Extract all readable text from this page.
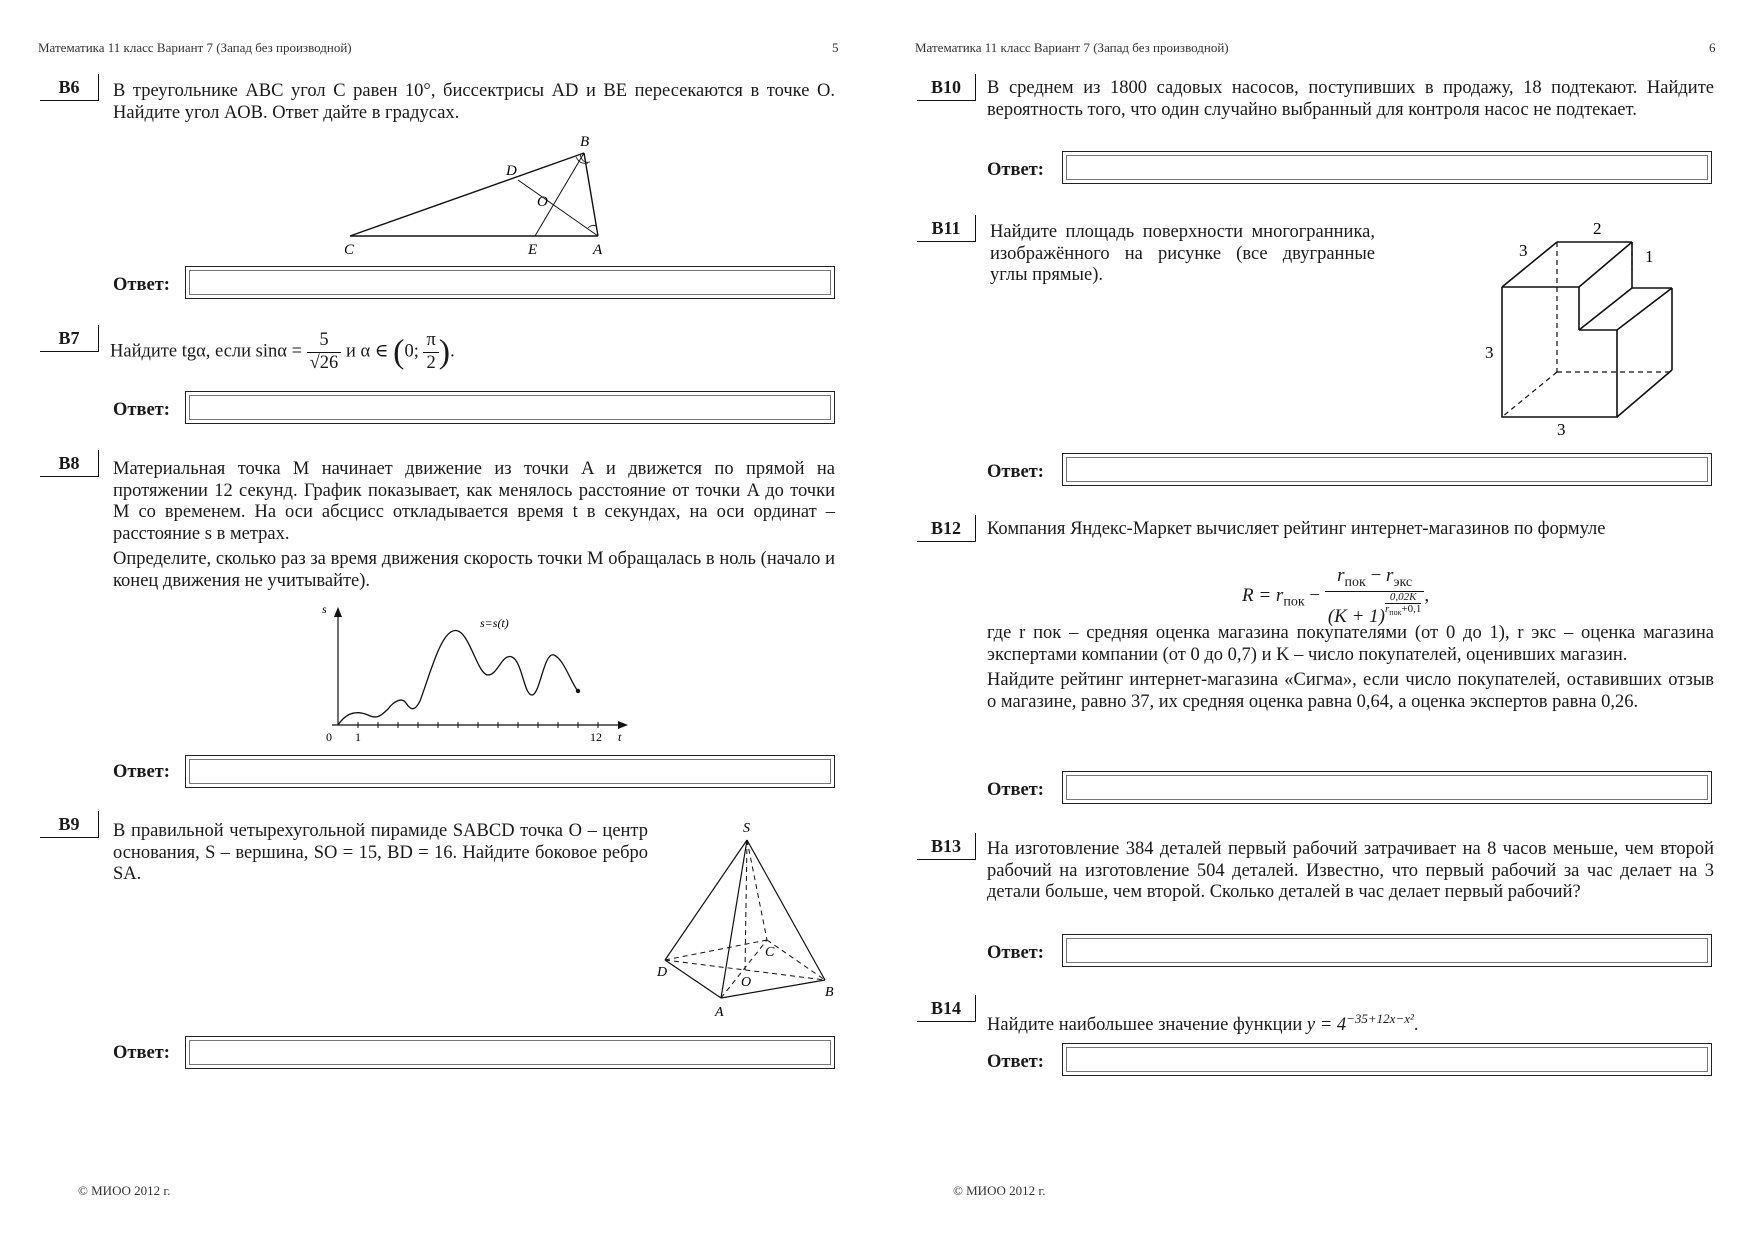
Математика 11 класс Вариант 7 (Запад без производной)	5
B6	В треугольнике ABC угол C равен 10°, биссектрисы AD и BE пересекаются в точке O. Найдите угол AOB. Ответ дайте в градусах.
A
B
C
D
E
O
Ответ:
B7
Найдите tgα, если $\sin\alpha = \frac{5}{√26}$ и α ∈ (0; $\frac{\pi}{2}$ ).
Ответ:
B8	Материальная точка M начинает движение из точки A и движется по прямой на протяжении 12 секунд. График показывает, как менялось расстояние от точки A до точки M со временем. На оси абсцисс откладывается время t в секундах, на оси ординат – расстояние s в метрах.

Определите, сколько раз за время движения скорость точки M обращалась в ноль (начало и конец движения не учитывайте).

s
t
0 1	12
s=s(t)
Ответ:
B9	В правильной четырехугольной пирамиде SABCD точка O – центр основания, S – вершина, SO = 15, BD = 16. Найдите боковое ребро SA.
S
A
B
C
D
O
Ответ:
© МИОО 2012 г.
Математика 11 класс Вариант 7 (Запад без производной)	6
B10	В среднем из 1800 садовых насосов, поступивших в продажу, 18 подтекают. Найдите вероятность того, что один случайно выбранный для контроля насос не подтекает.
Ответ:
B11	Найдите площадь поверхности многогранника, изображённого на рисунке (все двугранные углы прямые).
3
2
1
3
3
Ответ:
B12	Компания Яндекс-Маркет вычисляет рейтинг интернет-магазинов по формуле
$R = r_{пок} - r_{пок} - r_{экс}$
(K + 1)
$^{0,02K r_{пок}+0,1}$ ,

где r пок – средняя оценка магазина покупателями (от 0 до 1), r экс – оценка магазина экспертами компании (от 0 до 0,7) и K – число покупателей, оценивших магазин.

Найдите рейтинг интернет-магазина «Сигма», если число покупателей, оставивших отзыв о магазине, равно 37, их средняя оценка равна 0,64, а оценка экспертов равна 0,26.

Ответ:
B13	На изготовление 384 деталей первый рабочий затрачивает на 8 часов меньше, чем второй рабочий на изготовление 504 деталей. Известно, что первый рабочий за час делает на 3 детали больше, чем второй. Сколько деталей в час делает первый рабочий?
Ответ:
B14
Найдите наибольшее значение функции $y = 4^{-35+12x-x^2}$.
Ответ:
© МИОО 2012 г.
